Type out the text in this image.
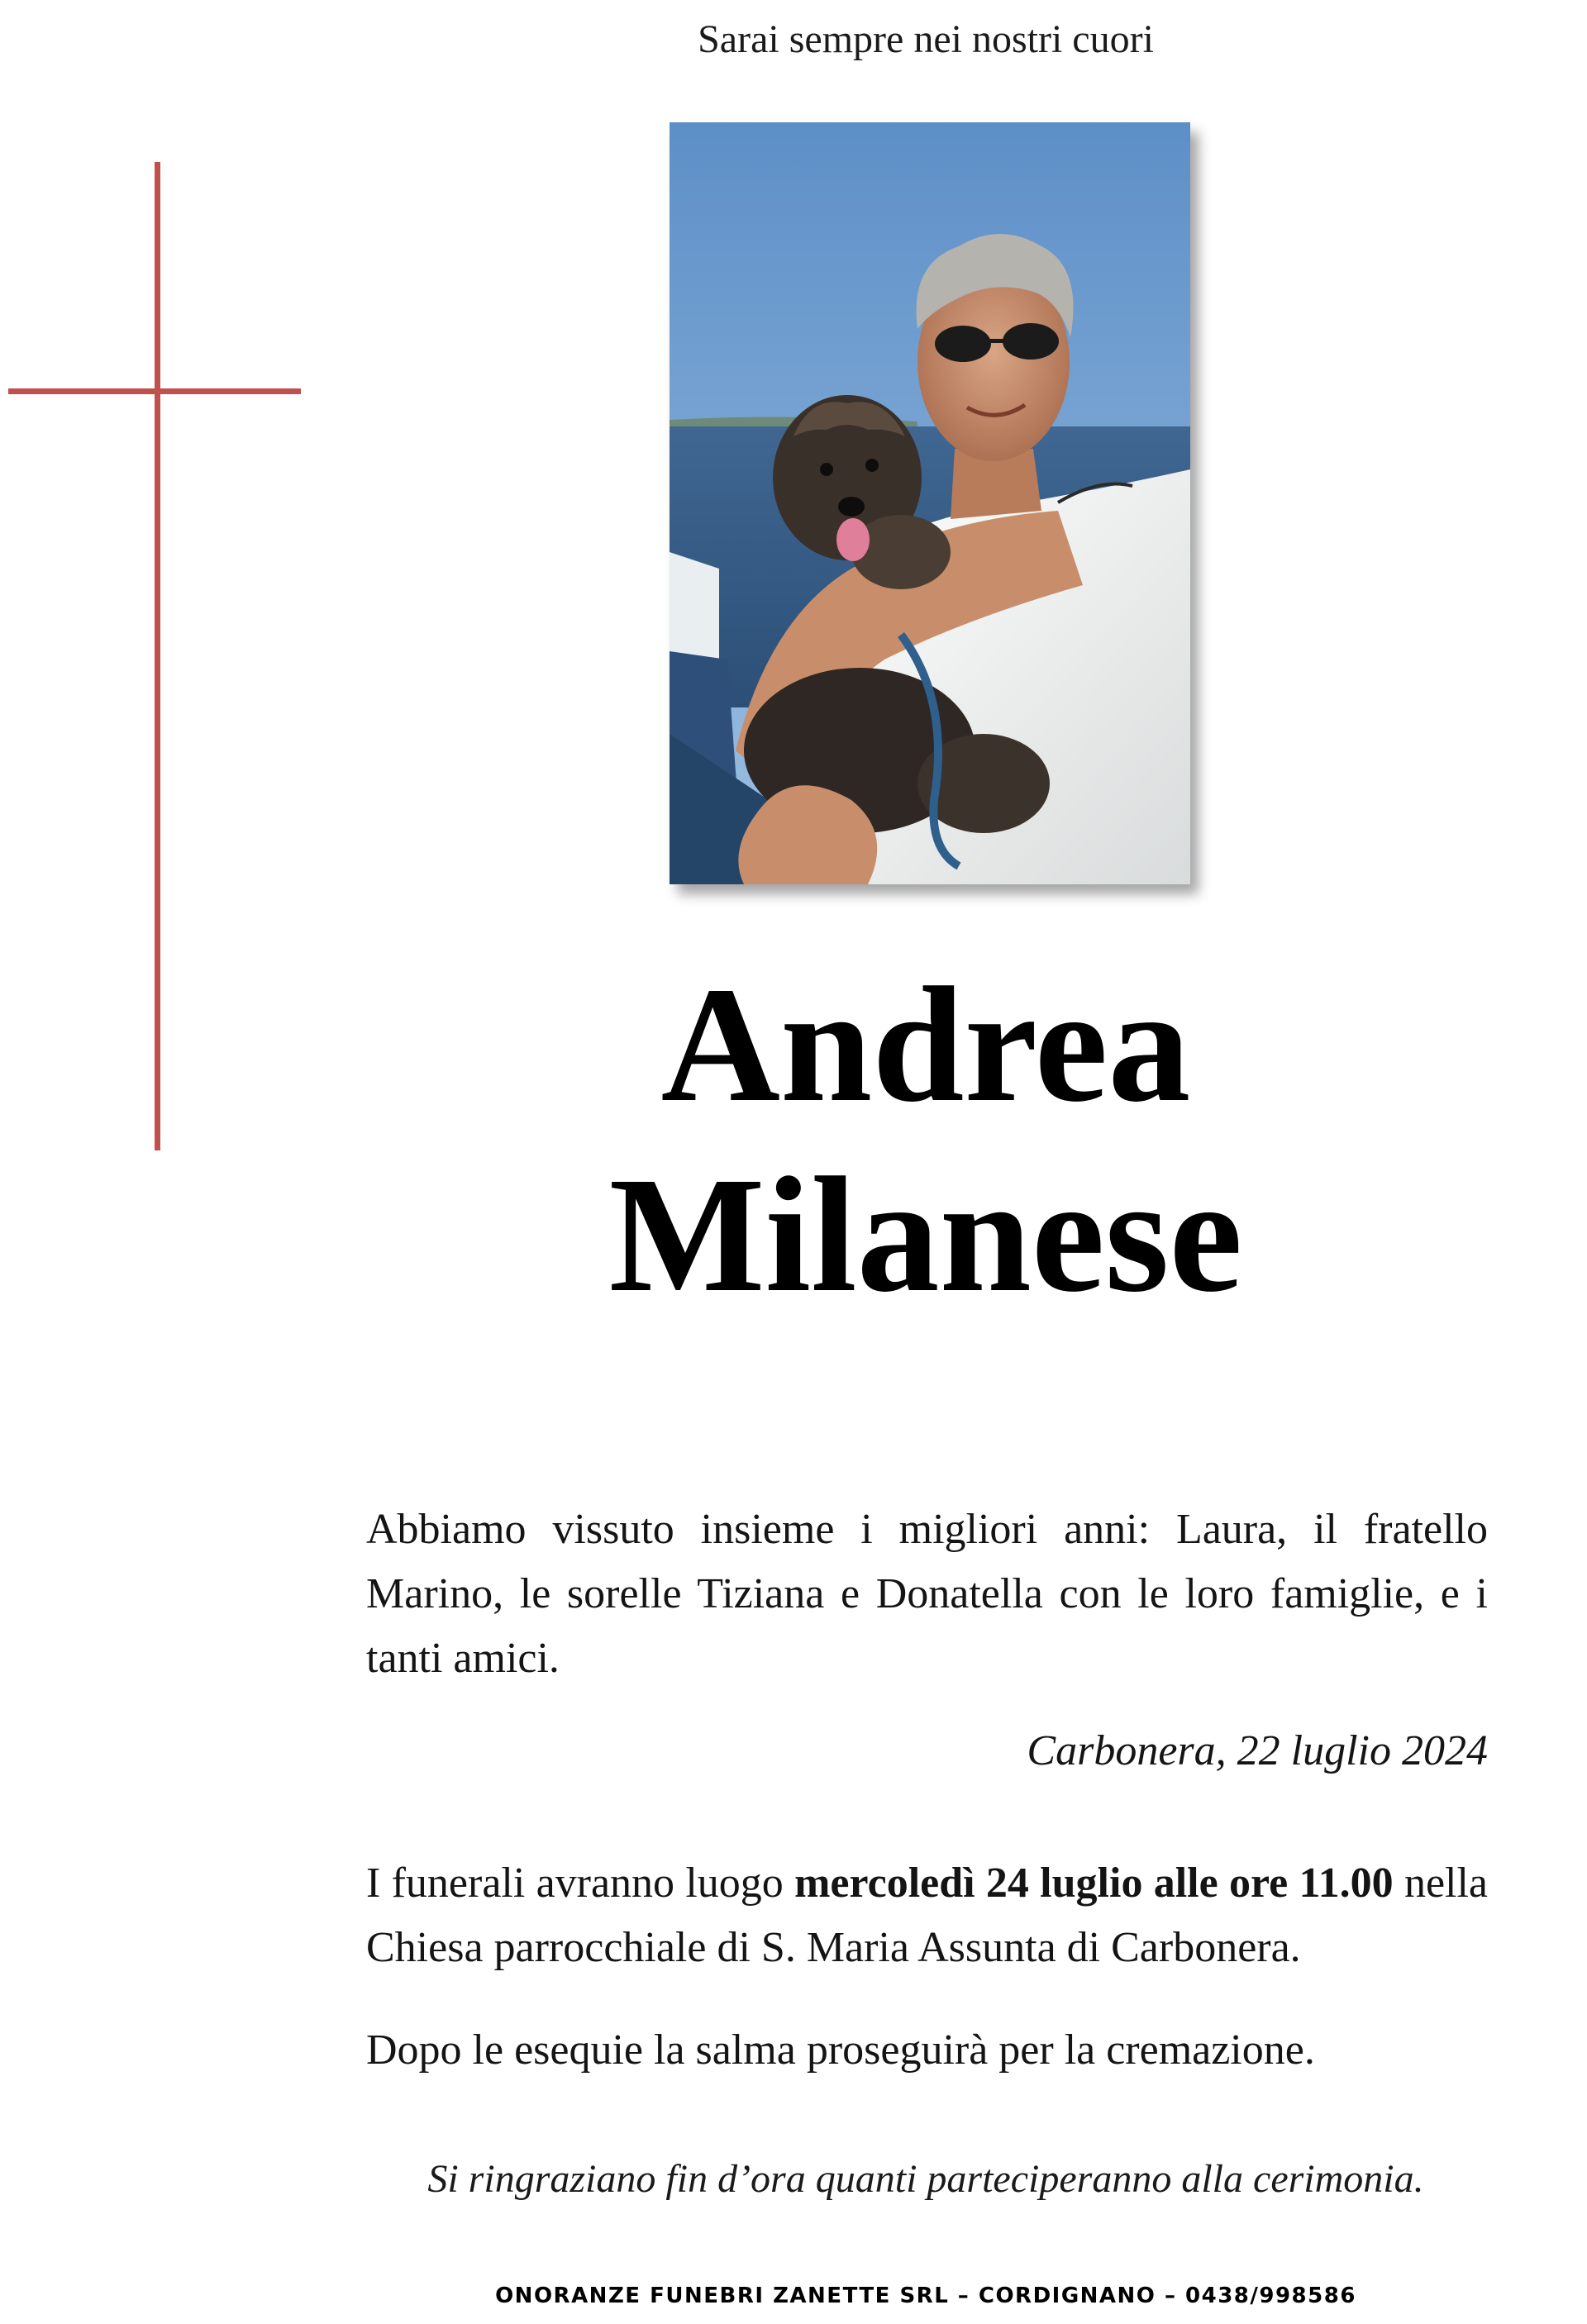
Sarai sempre nei nostri cuori
Andrea
Milanese
Abbiamo vissuto insieme i migliori anni: Laura, il fratello Marino, le sorelle Tiziana e Donatella con le loro famiglie, e i tanti amici.
Carbonera, 22 luglio 2024
I funerali avranno luogo mercoledì 24 luglio alle ore 11.00 nella Chiesa parrocchiale di S. Maria Assunta di Carbonera.
Dopo le esequie la salma proseguirà per la cremazione.
Si ringraziano fin d’ora quanti parteciperanno alla cerimonia.
ONORANZE FUNEBRI ZANETTE SRL – CORDIGNANO – 0438/998586
